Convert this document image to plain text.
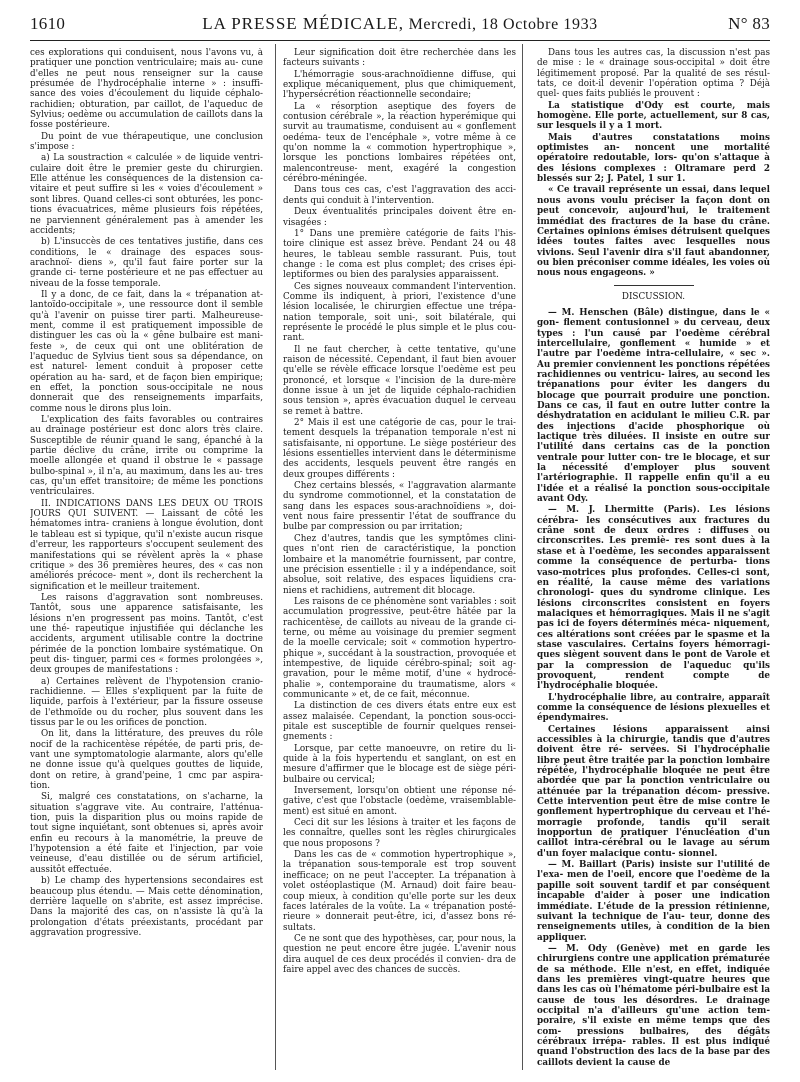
1610	LA PRESSE MÉDICALE, Mercredi, 18 Octobre 1933	N° 83

ces explorations qui conduisent, nous l'avons vu, à pratiquer une ponction ventriculaire; mais au- cune d'elles ne peut nous renseigner sur la cause présumée de l'hydrocéphalie interne » : insuffi- sance des voies d'écoulement du liquide céphalo- rachidien; obturation, par caillot, de l'aqueduc de Sylvius; oedème ou accumulation de caillots dans la fosse postérieure.

Du point de vue thérapeutique, une conclusion s'impose :

a) La soustraction « calculée » de liquide ventri- culaire doit être le premier geste du chirurgien. Elle atténue les conséquences de la distension ca- vitaire et peut suffire si les « voies d'écoulement » sont libres. Quand celles-ci sont obturées, les ponc- tions évacuatrices, même plusieurs fois répétées, ne parviennent généralement pas à amender les accidents;

b) L'insuccès de ces tentatives justifie, dans ces conditions, le « drainage des espaces sous-arachnoï- diens », qu'il faut faire porter sur la grande ci- terne postérieure et ne pas effectuer au niveau de la fosse temporale.

Il y a donc, de ce fait, dans la « trépanation at- lantoïdo-occipitale », une ressource dont il semble qu'à l'avenir on puisse tirer parti. Malheureuse- ment, comme il est pratiquement impossible de distinguer les cas où la « gêne bulbaire est mani- feste », de ceux qui ont une oblitération de l'aqueduc de Sylvius tient sous sa dépendance, on est naturel- lement conduit à proposer cette opération au ha- sard, et de façon bien empirique; en effet, la ponction sous-occipitale ne nous donnerait que des renseignements imparfaits, comme nous le dirons plus loin.

L'explication des faits favorables ou contraires au drainage postérieur est donc alors très claire. Susceptible de réunir quand le sang, épanché à la partie déclive du crâne, irrite ou comprime la moelle allongée et quand il obstrue le « passage bulbo-spinal », il n'a, au maximum, dans les au- tres cas, qu'un effet transitoire; de même les ponctions ventriculaires.

II. INDICATIONS DANS LES DEUX OU TROIS JOURS QUI SUIVENT. — Laissant de côté les hématomes intra- craniens à longue évolution, dont le tableau est si typique, qu'il n'existe aucun risque d'erreur, les rapporteurs s'occupent seulement des manifestations qui se révèlent après la « phase critique » des 36 premières heures, des « cas non améliorés précoce- ment », dont ils recherchent la signification et le meilleur traitement.

Les raisons d'aggravation sont nombreuses. Tantôt, sous une apparence satisfaisante, les lésions n'en progressent pas moins. Tantôt, c'est une thé- rapeutique injustifiée qui déclanche les accidents, argument utilisable contre la doctrine périmée de la ponction lombaire systématique. On peut dis- tinguer, parmi ces « formes prolongées », deux groupes de manifestations :

a) Certaines relèvent de l'hypotension cranio- rachidienne. — Elles s'expliquent par la fuite de liquide, parfois à l'extérieur, par la fissure osseuse de l'ethmoïde ou du rocher, plus souvent dans les tissus par le ou les orifices de ponction.

On lit, dans la littérature, des preuves du rôle nocif de la rachicentèse répétée, de parti pris, de- vant une symptomatologie alarmante, alors qu'elle ne donne issue qu'à quelques gouttes de liquide, dont on retire, à grand'peine, 1 cmc par aspira- tion.

Si, malgré ces constatations, on s'acharne, la situation s'aggrave vite. Au contraire, l'atténua- tion, puis la disparition plus ou moins rapide de tout signe inquiétant, sont obtenues si, après avoir enfin eu recours à la manométrie, la preuve de l'hypotension a été faite et l'injection, par voie veineuse, d'eau distillée ou de sérum artificiel, aussitôt effectuée.

b) Le champ des hypertensions secondaires est beaucoup plus étendu. — Mais cette dénomination, derrière laquelle on s'abrite, est assez imprécise. Dans la majorité des cas, on n'assiste là qu'à la prolongation d'états préexistants, procédant par aggravation progressive.

Leur signification doit être recherchée dans les facteurs suivants :

L'hémorragie sous-arachnoïdienne diffuse, qui explique mécaniquement, plus que chimiquement, l'hypersécrétion réactionnelle secondaire;

La « résorption aseptique des foyers de contusion cérébrale », la réaction hyperémique qui survit au traumatisme, conduisent au « gonflement oedéma- teux de l'encéphale », votre même à ce qu'on nomme la « commotion hypertrophique », lorsque les ponctions lombaires répétées ont, malencontreuse- ment, exagéré la congestion cérébro-méningée.

Dans tous ces cas, c'est l'aggravation des acci- dents qui conduit à l'intervention.

Deux éventualités principales doivent être en- visagées :

1° Dans une première catégorie de faits l'his- toire clinique est assez brève. Pendant 24 ou 48 heures, le tableau semble rassurant. Puis, tout change : le coma est plus complet; des crises épi- leptiformes ou bien des paralysies apparaissent.

Ces signes nouveaux commandent l'intervention. Comme ils indiquent, à priori, l'existence d'une lésion localisée, le chirurgien effectue une trépa- nation temporale, soit uni-, soit bilatérale, qui représente le procédé le plus simple et le plus cou- rant.

Il ne faut chercher, à cette tentative, qu'une raison de nécessité. Cependant, il faut bien avouer qu'elle se révèle efficace lorsque l'oedème est peu prononcé, et lorsque « l'incision de la dure-mère donne issue à un jet de liquide céphalo-rachidien sous tension », après évacuation duquel le cerveau se remet à battre.

2° Mais il est une catégorie de cas, pour le trai- tement desquels la trépanation temporale n'est ni satisfaisante, ni opportune. Le siège postérieur des lésions essentielles intervient dans le déterminisme des accidents, lesquels peuvent être rangés en deux groupes différents :

Chez certains blessés, « l'aggravation alarmante du syndrome commotionnel, et la constatation de sang dans les espaces sous-arachnoïdiens », doi- vent nous faire pressentir l'état de souffrance du bulbe par compression ou par irritation;

Chez d'autres, tandis que les symptômes clini- ques n'ont rien de caractéristique, la ponction lombaire et la manométrie fournissent, par contre, une précision essentielle : il y a indépendance, soit absolue, soit relative, des espaces liquidiens cra- niens et rachidiens, autrement dit blocage.

Les raisons de ce phénomène sont variables : soit accumulation progressive, peut-être hâtée par la rachicentèse, de caillots au niveau de la grande ci- terne, ou même au voisinage du premier segment de la moelle cervicale; soit « commotion hypertro- phique », succédant à la soustraction, provoquée et intempestive, de liquide cérébro-spinal; soit ag- gravation, pour le même motif, d'une « hydrocé- phalie », contemporaine du traumatisme, alors « communicante » et, de ce fait, méconnue.

La distinction de ces divers états entre eux est assez malaisée. Cependant, la ponction sous-occi- pitale est susceptible de fournir quelques rensei- gnements :

Lorsque, par cette manoeuvre, on retire du li- quide à la fois hypertendu et sanglant, on est en mesure d'affirmer que le blocage est de siège péri- bulbaire ou cervical;

Inversement, lorsqu'on obtient une réponse né- gative, c'est que l'obstacle (oedème, vraisemblable- ment) est situé en amont.

Ceci dit sur les lésions à traiter et les façons de les connaître, quelles sont les règles chirurgicales que nous proposons ?

Dans les cas de « commotion hypertrophique », la trépanation sous-temporale est trop souvent inefficace; on ne peut l'accepter. La trépanation à volet ostéoplastique (M. Arnaud) doit faire beau- coup mieux, à condition qu'elle porte sur les deux faces latérales de la voûte. La « trépanation posté- rieure » donnerait peut-être, ici, d'assez bons ré- sultats.

Ce ne sont que des hypothèses, car, pour nous, la question ne peut encore être jugée. L'avenir nous dira auquel de ces deux procédés il convien- dra de faire appel avec des chances de succès.

Dans tous les autres cas, la discussion n'est pas de mise : le « drainage sous-occipital » doit être légitimement proposé. Par la qualité de ses résul- tats, ce doit-il devenir l'opération optima ? Déjà quel- ques faits publiés le prouvent :

La statistique d'Ody est courte, mais homogène. Elle porte, actuellement, sur 8 cas, sur lesquels il y a 1 mort.

Mais d'autres constatations moins optimistes an- noncent une mortalité opératoire redoutable, lors- qu'on s'attaque à des lésions complexes : Oltramare perd 2 blessés sur 2; J. Patel, 1 sur 1.

« Ce travail représente un essai, dans lequel nous avons voulu préciser la façon dont on peut concevoir, aujourd'hui, le traitement immédiat des fractures de la base du crâne. Certaines opinions émises détruisent quelques idées toutes faites avec lesquelles nous vivions. Seul l'avenir dira s'il faut abandonner, ou bien préconiser comme idéales, les voies où nous nous engageons. »

DISCUSSION.

— M. Henschen (Bâle) distingue, dans le « gon- flement contusionnel » du cerveau, deux types : l'un causé par l'oedème cérébral intercellulaire, gonflement « humide » et l'autre par l'oedème intra-cellulaire, « sec ». Au premier conviennent les ponctions répétées rachidiennes ou ventricu- laires, au second les trépanations pour éviter les dangers du blocage que pourrait produire une ponction. Dans ce cas, il faut en outre lutter contre la déshydratation en acidulant le milieu C.R. par des injections d'acide phosphorique où lactique très diluées. Il insiste en outre sur l'utilité dans certains cas de la ponction ventrale pour lutter con- tre le blocage, et sur la nécessité d'employer plus souvent l'artériographie. Il rappelle enfin qu'il a eu l'idée et a réalisé la ponction sous-occipitale avant Ody.

— M. J. Lhermitte (Paris). Les lésions cérébra- les consécutives aux fractures du crâne sont de deux ordres : diffuses ou circonscrites. Les premiè- res sont dues à la stase et à l'oedème, les secondes apparaissent comme la conséquence de perturba- tions vaso-motrices plus profondes. Celles-ci sont, en réalité, la cause même des variations chronologi- ques du syndrome clinique. Les lésions circonscrites consistent en foyers malaciques et hémorragiques. Mais il ne s'agit pas ici de foyers déterminés méca- niquement, ces altérations sont créées par le spasme et la stase vasculaires. Certains foyers hémorragi- ques siègent souvent dans le pont de Varole et par la compression de l'aqueduc qu'ils provoquent, rendent compte de l'hydrocéphalie bloquée.

L'hydrocéphalie libre, au contraire, apparaît comme la conséquence de lésions plexuelles et épendymaires.

Certaines lésions apparaissent ainsi accessibles à la chirurgie, tandis que d'autres doivent être ré- servées. Si l'hydrocéphalie libre peut être traitée par la ponction lombaire répétée, l'hydrocéphalie bloquée ne peut être abordée que par la ponction ventriculaire ou atténuée par la trépanation décom- pressive. Cette intervention peut être de mise contre le gonflement hypertrophique du cerveau et l'hé- morragie profonde, tandis qu'il serait inopportun de pratiquer l'énucléation d'un caillot intra-cérébral ou le lavage au sérum d'un foyer malacique contu- sionnel.

— M. Baillart (Paris) insiste sur l'utilité de l'exa- men de l'oeil, encore que l'oedème de la papille soit souvent tardif et par conséquent incapable d'aider à poser une indication immédiate. L'étude de la pression rétinienne, suivant la technique de l'au- teur, donne des renseignements utiles, à condition de la bien appliquer.

— M. Ody (Genève) met en garde les chirurgiens contre une application prématurée de sa méthode. Elle n'est, en effet, indiquée dans les premières vingt-quatre heures que dans les cas où l'hématome péri-bulbaire est la cause de tous les désordres. Le drainage occipital n'a d'ailleurs qu'une action tem- poraire, s'il existe en même temps que des com- pressions bulbaires, des dégâts cérébraux irrépa- rables. Il est plus indiqué quand l'obstruction des lacs de la base par des caillots devient la cause de
